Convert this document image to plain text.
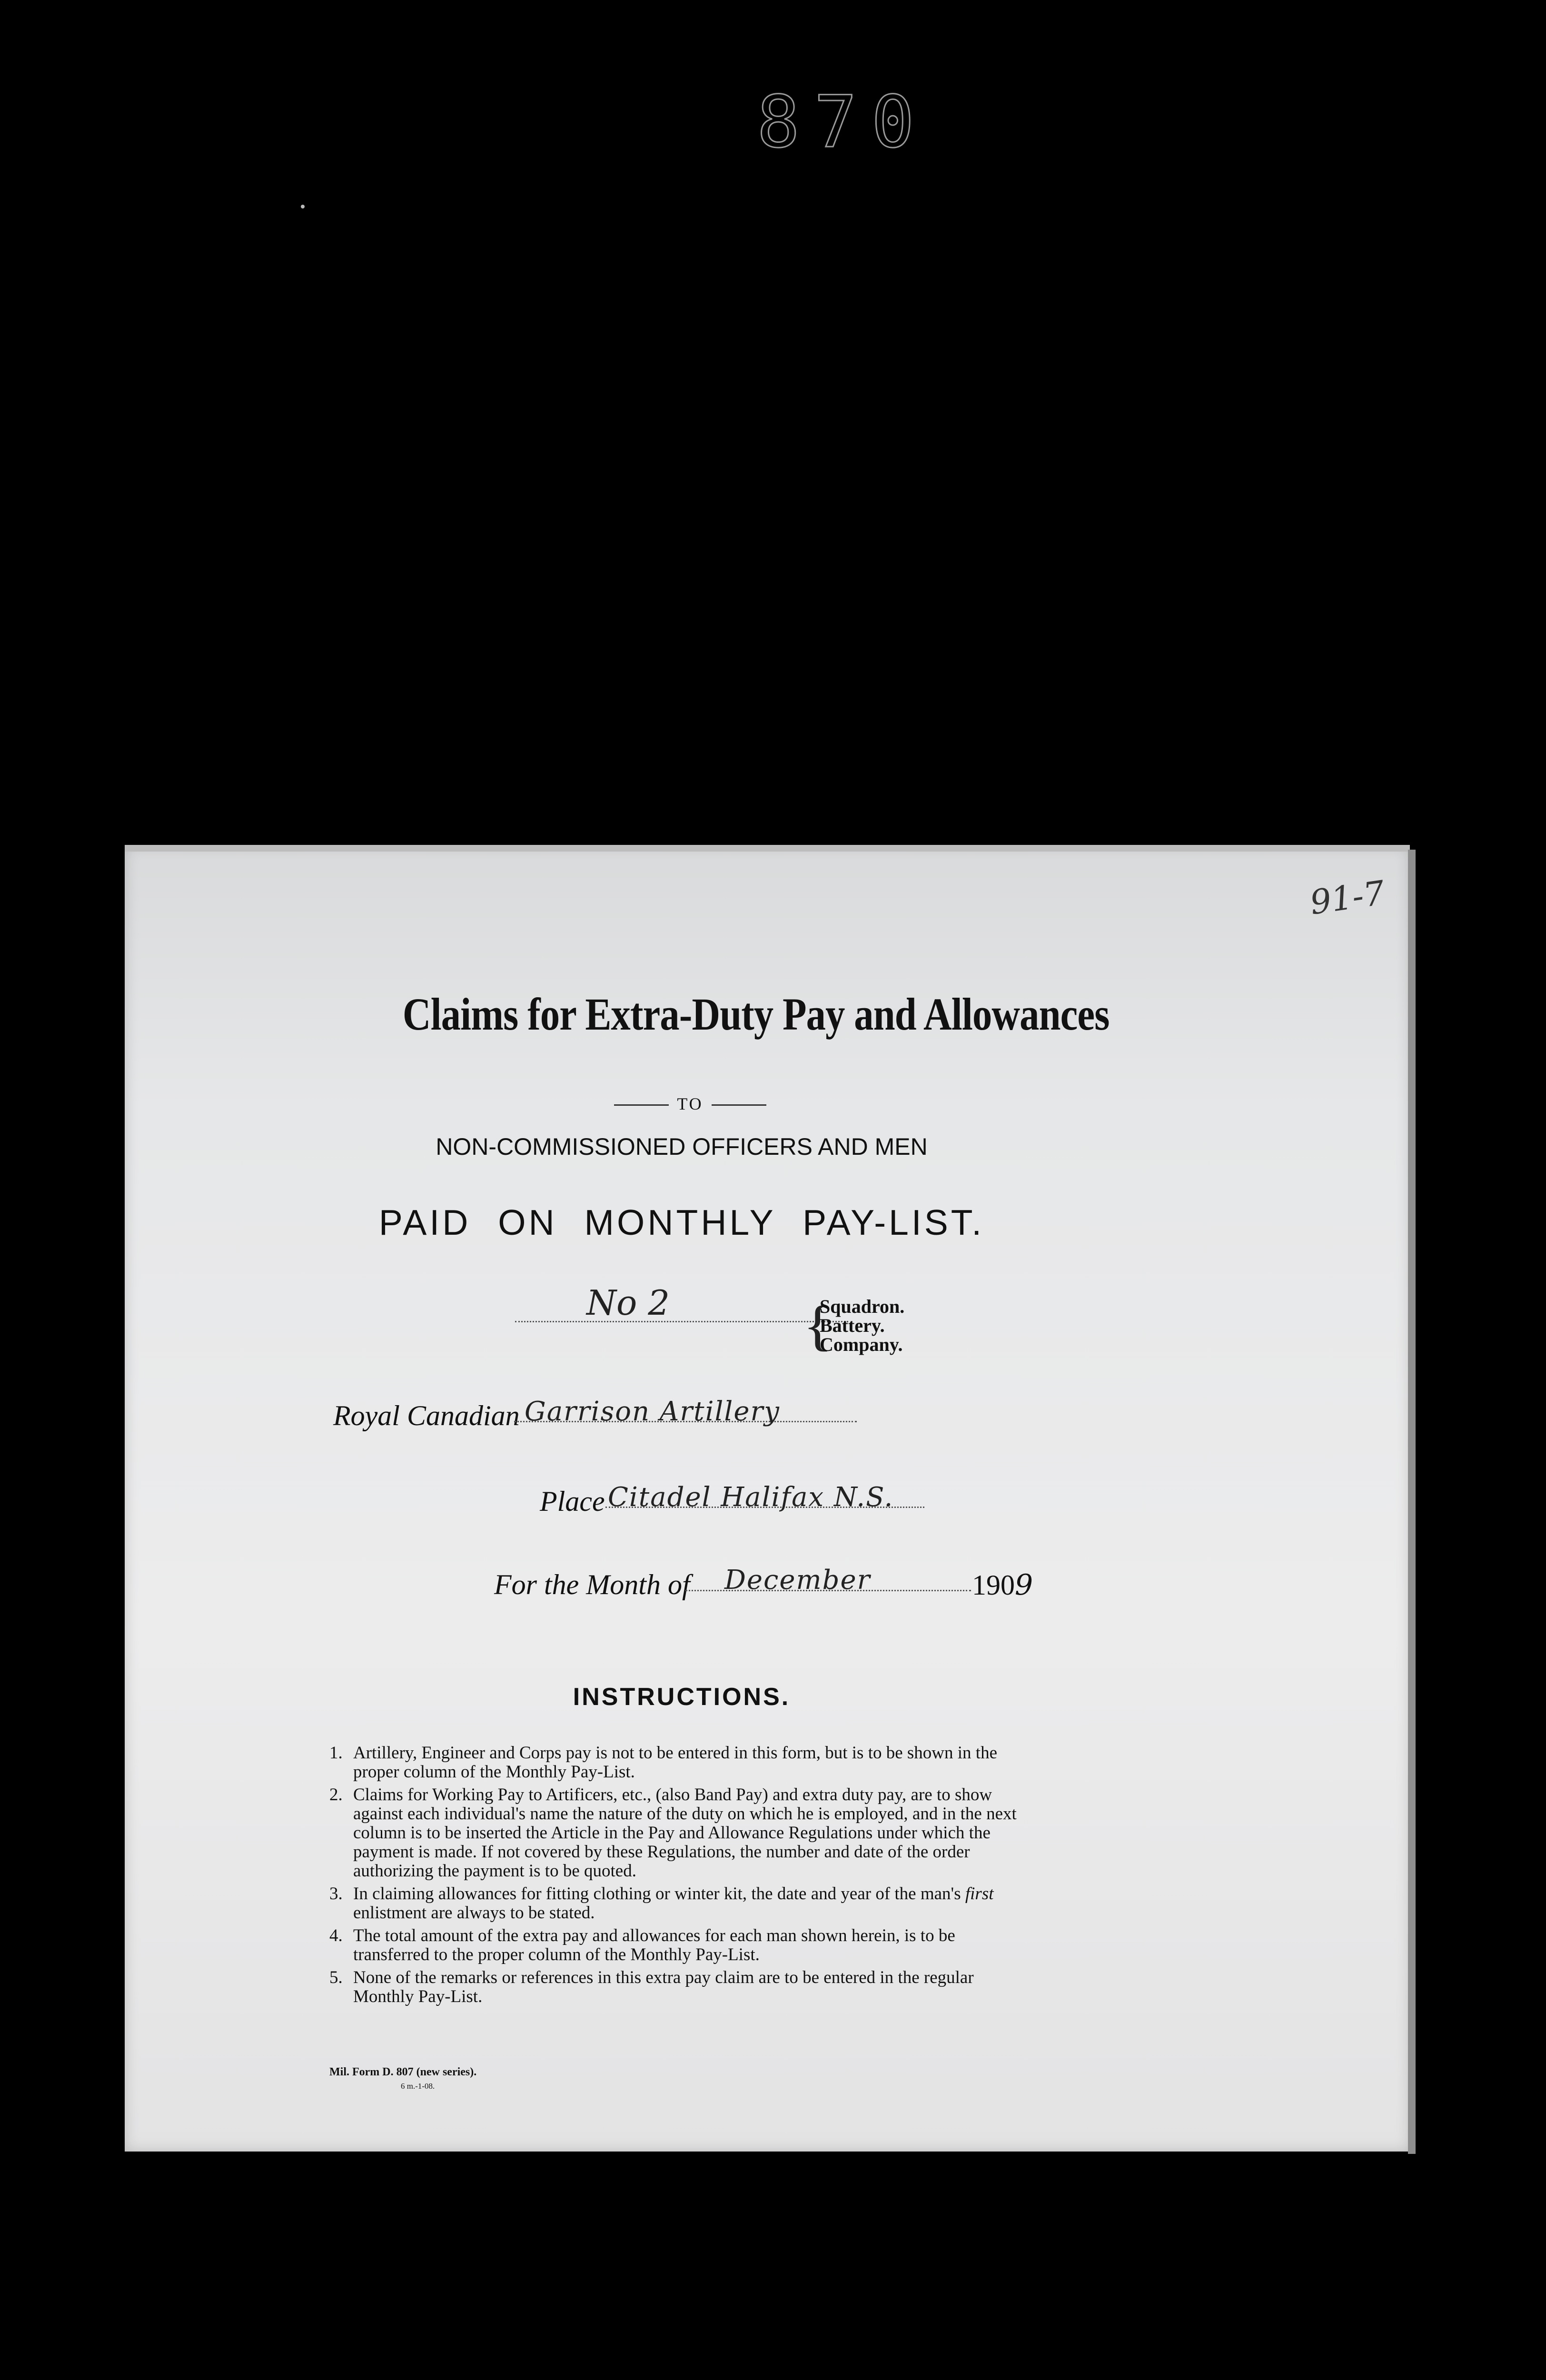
870
91-7
Claims for Extra-Duty Pay and Allowances
TO
NON-COMMISSIONED OFFICERS AND MEN
PAID ON MONTHLY PAY-LIST.
No 2 {
Squadron.
Battery.
Company.
Royal Canadian Garrison Artillery
Place Citadel Halifax N.S.
For the Month of December	1909
INSTRUCTIONS.
1. Artillery, Engineer and Corps pay is not to be entered in this form, but is to be shown in the proper column of the Monthly Pay-List.
2. Claims for Working Pay to Artificers, etc., (also Band Pay) and extra duty pay, are to show against each individual's name the nature of the duty on which he is employed, and in the next column is to be inserted the Article in the Pay and Allowance Regulations under which the payment is made. If not covered by these Regulations, the number and date of the order authorizing the payment is to be quoted.
3. In claiming allowances for fitting clothing or winter kit, the date and year of the man's first enlistment are always to be stated.
4. The total amount of the extra pay and allowances for each man shown herein, is to be transferred to the proper column of the Monthly Pay-List.
5. None of the remarks or references in this extra pay claim are to be entered in the regular Monthly Pay-List.
Mil. Form D. 807 (new series).
6 m.-1-08.
